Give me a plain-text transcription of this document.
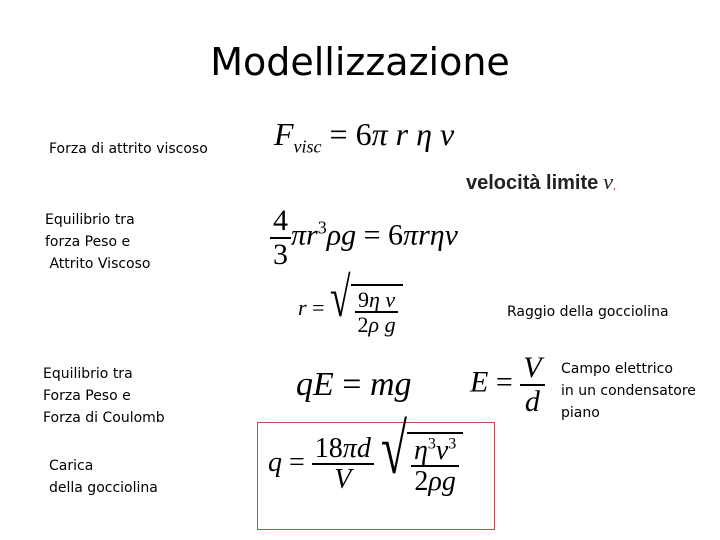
Modellizzazione
Forza di attrito viscoso
Equilibrio tra
forza Peso e
Attrito Viscoso
Equilibrio tra
Forza Peso e
Forza di Coulomb
Carica
della gocciolina
Raggio della gocciolina
Campo elettrico
in un condensatore
piano
$F_{visc} = 6\pi$ r η ν
velocità limite ν,
$\frac{4}{3} \pi r^3\rho g = 6\pi r\eta\nu$
r = √ $\frac{\text{9η ν}}{\text{2ρ g}}$
qE = mg $E = \frac{V}{d}$
$q = \frac{18\pi d}{V}$
√ $\frac{\eta^3v^3}{2\rho g}$
